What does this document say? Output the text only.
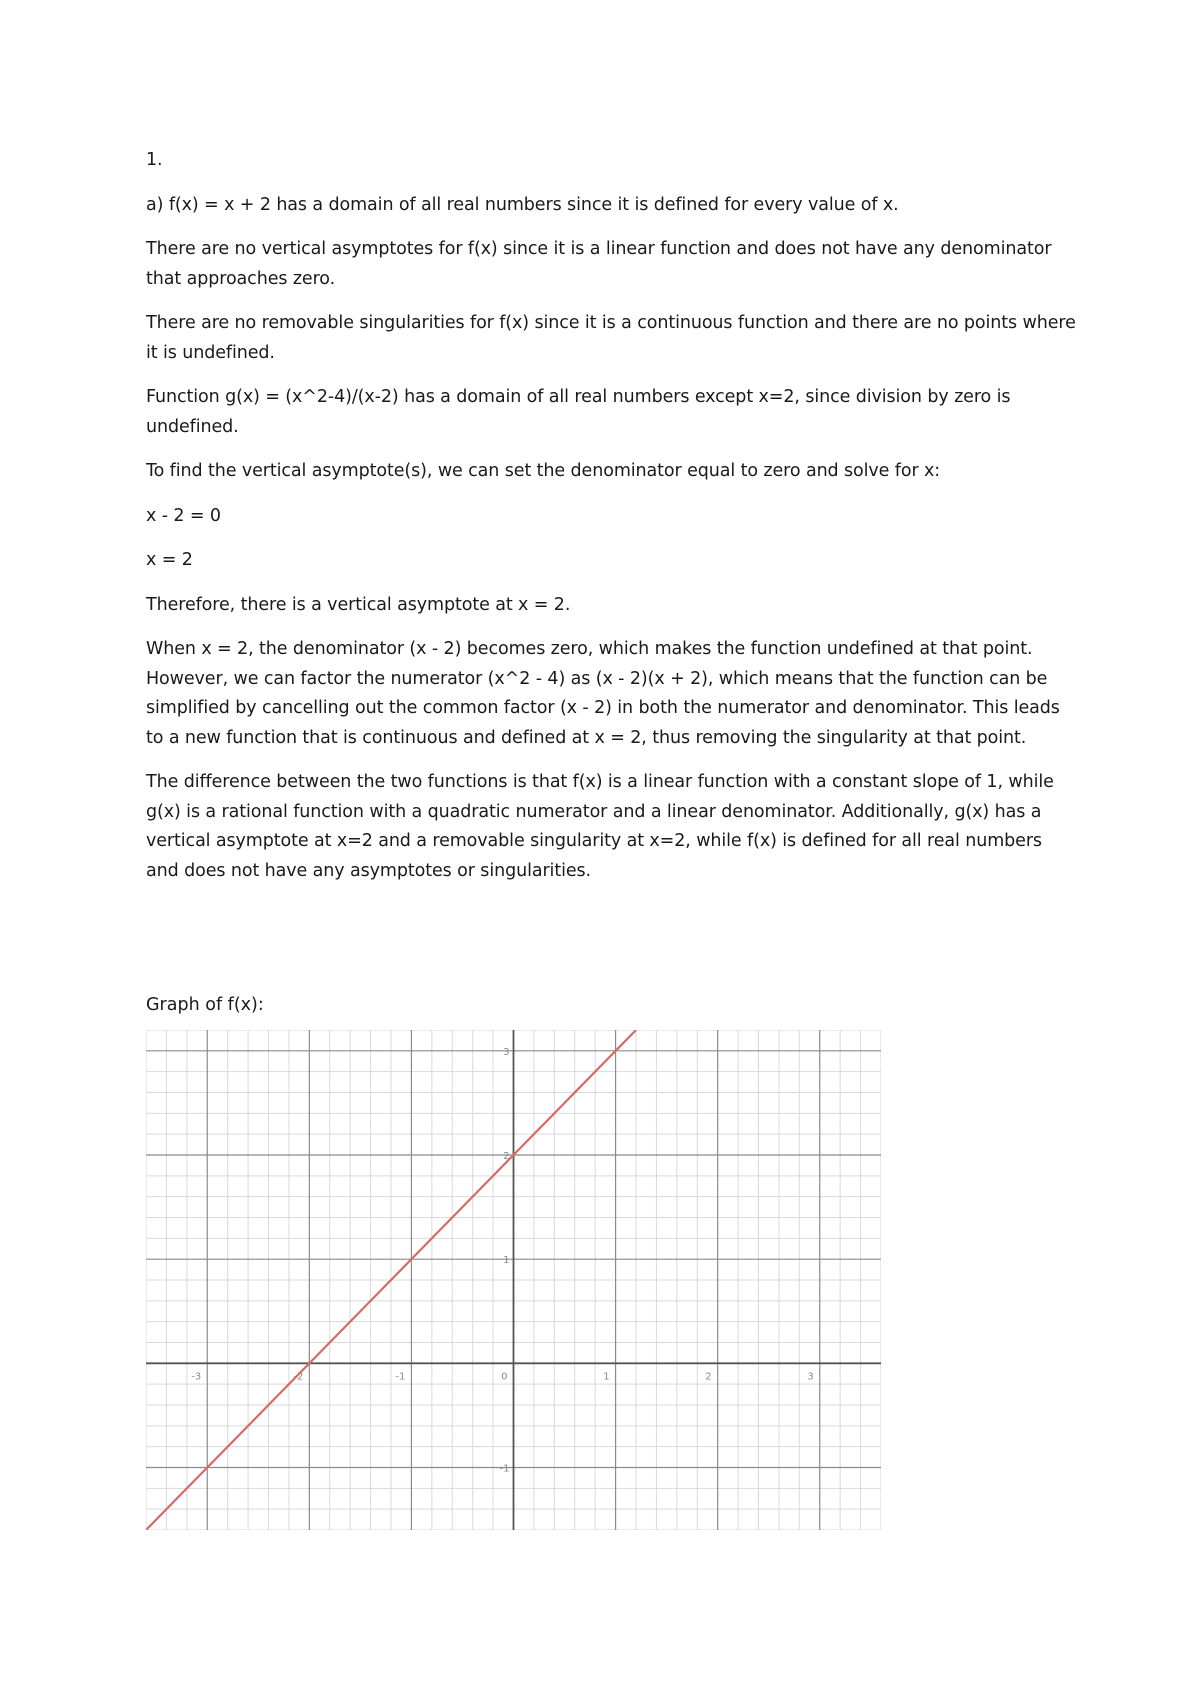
1.

a) f(x) = x + 2 has a domain of all real numbers since it is defined for every value of x.

There are no vertical asymptotes for f(x) since it is a linear function and does not have any denominator that approaches zero.

There are no removable singularities for f(x) since it is a continuous function and there are no points where it is undefined.

Function g(x) = (x^2-4)/(x-2) has a domain of all real numbers except x=2, since division by zero is undefined.

To find the vertical asymptote(s), we can set the denominator equal to zero and solve for x:

x - 2 = 0

x = 2

Therefore, there is a vertical asymptote at x = 2.

When x = 2, the denominator (x - 2) becomes zero, which makes the function undefined at that point. However, we can factor the numerator (x^2 - 4) as (x - 2)(x + 2), which means that the function can be simplified by cancelling out the common factor (x - 2) in both the numerator and denominator. This leads to a new function that is continuous and defined at x = 2, thus removing the singularity at that point.

The difference between the two functions is that f(x) is a linear function with a constant slope of 1, while g(x) is a rational function with a quadratic numerator and a linear denominator. Additionally, g(x) has a vertical asymptote at x=2 and a removable singularity at x=2, while f(x) is defined for all real numbers and does not have any asymptotes or singularities.

Graph of f(x):
-3	-2	-1	0	1	2	3
-1
1
2
3
